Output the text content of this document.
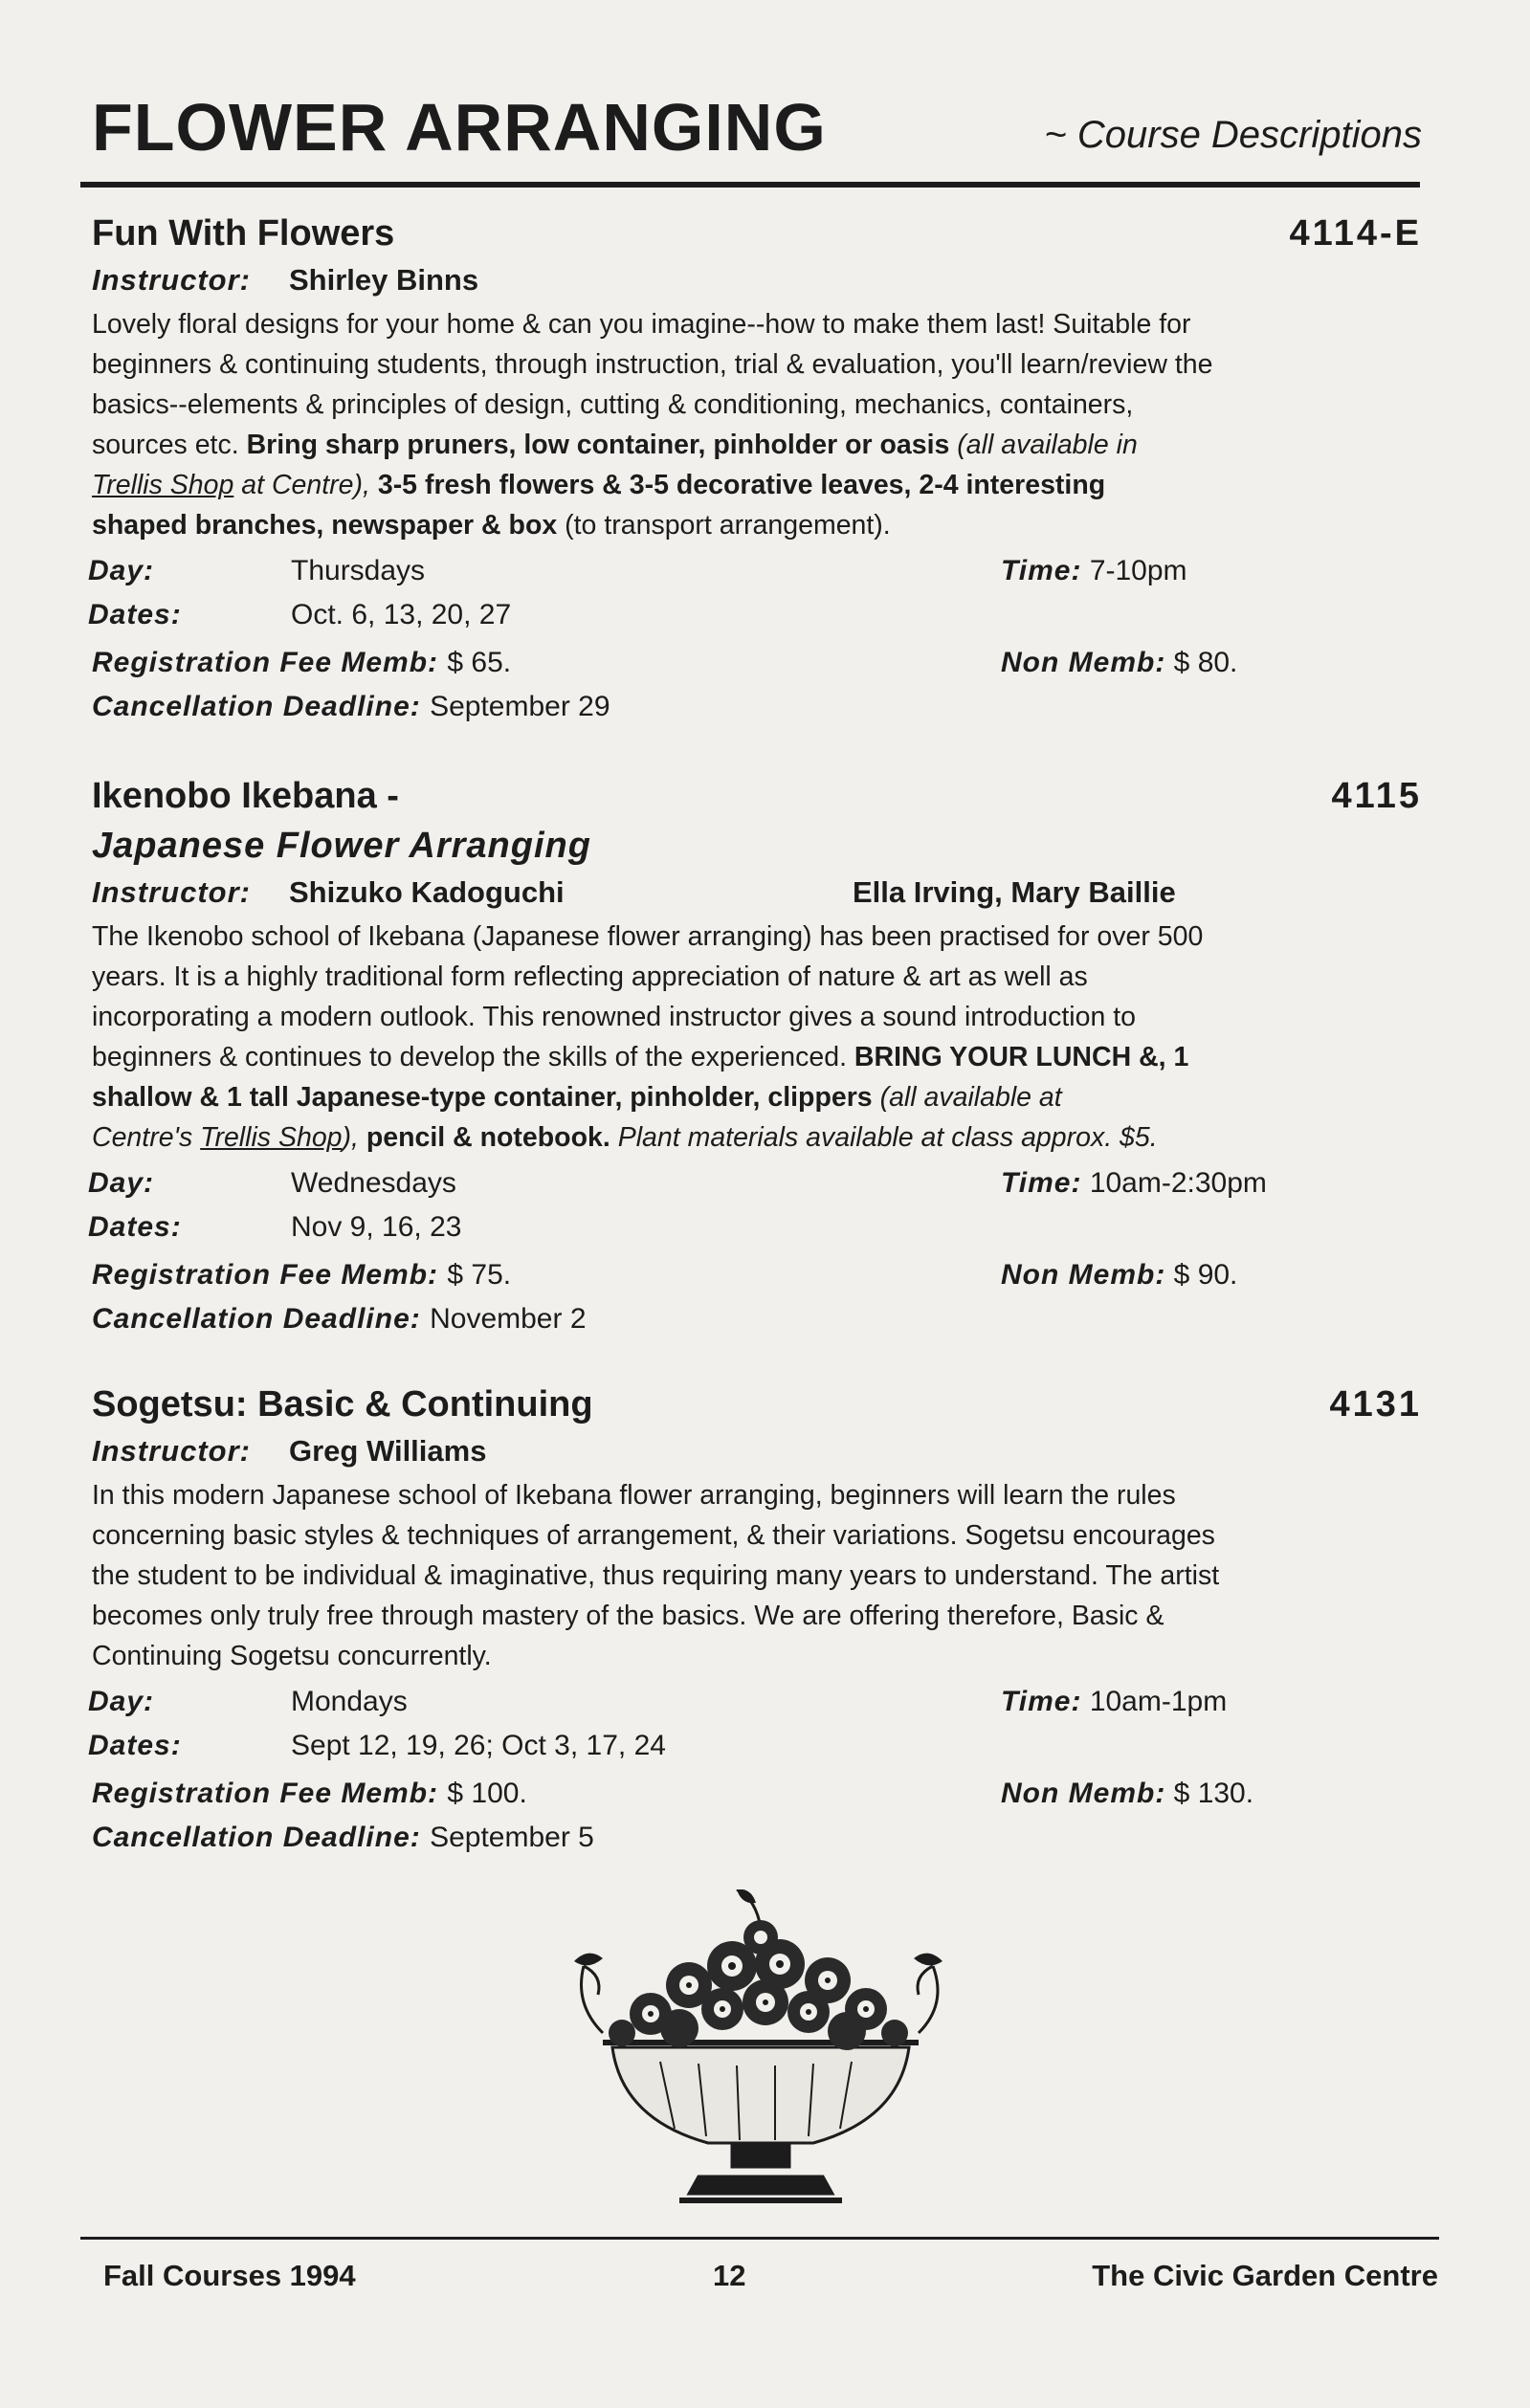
FLOWER ARRANGING	~ Course Descriptions
Fun With Flowers	4114-E
Instructor: Shirley Binns
Lovely floral designs for your home & can you imagine--how to make them last! Suitable for
beginners & continuing students, through instruction, trial & evaluation, you'll learn/review the
basics--elements & principles of design, cutting & conditioning, mechanics, containers,
sources etc. Bring sharp pruners, low container, pinholder or oasis (all available in
Trellis Shop at Centre), 3-5 fresh flowers & 3-5 decorative leaves, 2-4 interesting
shaped branches, newspaper & box (to transport arrangement).
Day:	Thursdays	Time: 7-10pm
Dates:	Oct. 6, 13, 20, 27
Registration Fee Memb: $ 65.	Non Memb: $ 80.
Cancellation Deadline: September 29
Ikenobo Ikebana -	4115
Japanese Flower Arranging
Instructor: Shizuko Kadoguchi	Ella Irving, Mary Baillie
The Ikenobo school of Ikebana (Japanese flower arranging) has been practised for over 500
years. It is a highly traditional form reflecting appreciation of nature & art as well as
incorporating a modern outlook. This renowned instructor gives a sound introduction to
beginners & continues to develop the skills of the experienced. BRING YOUR LUNCH &, 1
shallow & 1 tall Japanese-type container, pinholder, clippers (all available at
Centre's Trellis Shop), pencil & notebook. Plant materials available at class approx. $5.
Day:	Wednesdays	Time: 10am-2:30pm
Dates:	Nov 9, 16, 23
Registration Fee Memb: $ 75.	Non Memb: $ 90.
Cancellation Deadline: November 2
Sogetsu: Basic & Continuing	4131
Instructor: Greg Williams
In this modern Japanese school of Ikebana flower arranging, beginners will learn the rules
concerning basic styles & techniques of arrangement, & their variations. Sogetsu encourages
the student to be individual & imaginative, thus requiring many years to understand. The artist
becomes only truly free through mastery of the basics. We are offering therefore, Basic &
Continuing Sogetsu concurrently.
Day:	Mondays	Time: 10am-1pm
Dates:	Sept 12, 19, 26; Oct 3, 17, 24
Registration Fee Memb: $ 100.	Non Memb: $ 130.
Cancellation Deadline: September 5
Fall Courses 1994	12	The Civic Garden Centre
